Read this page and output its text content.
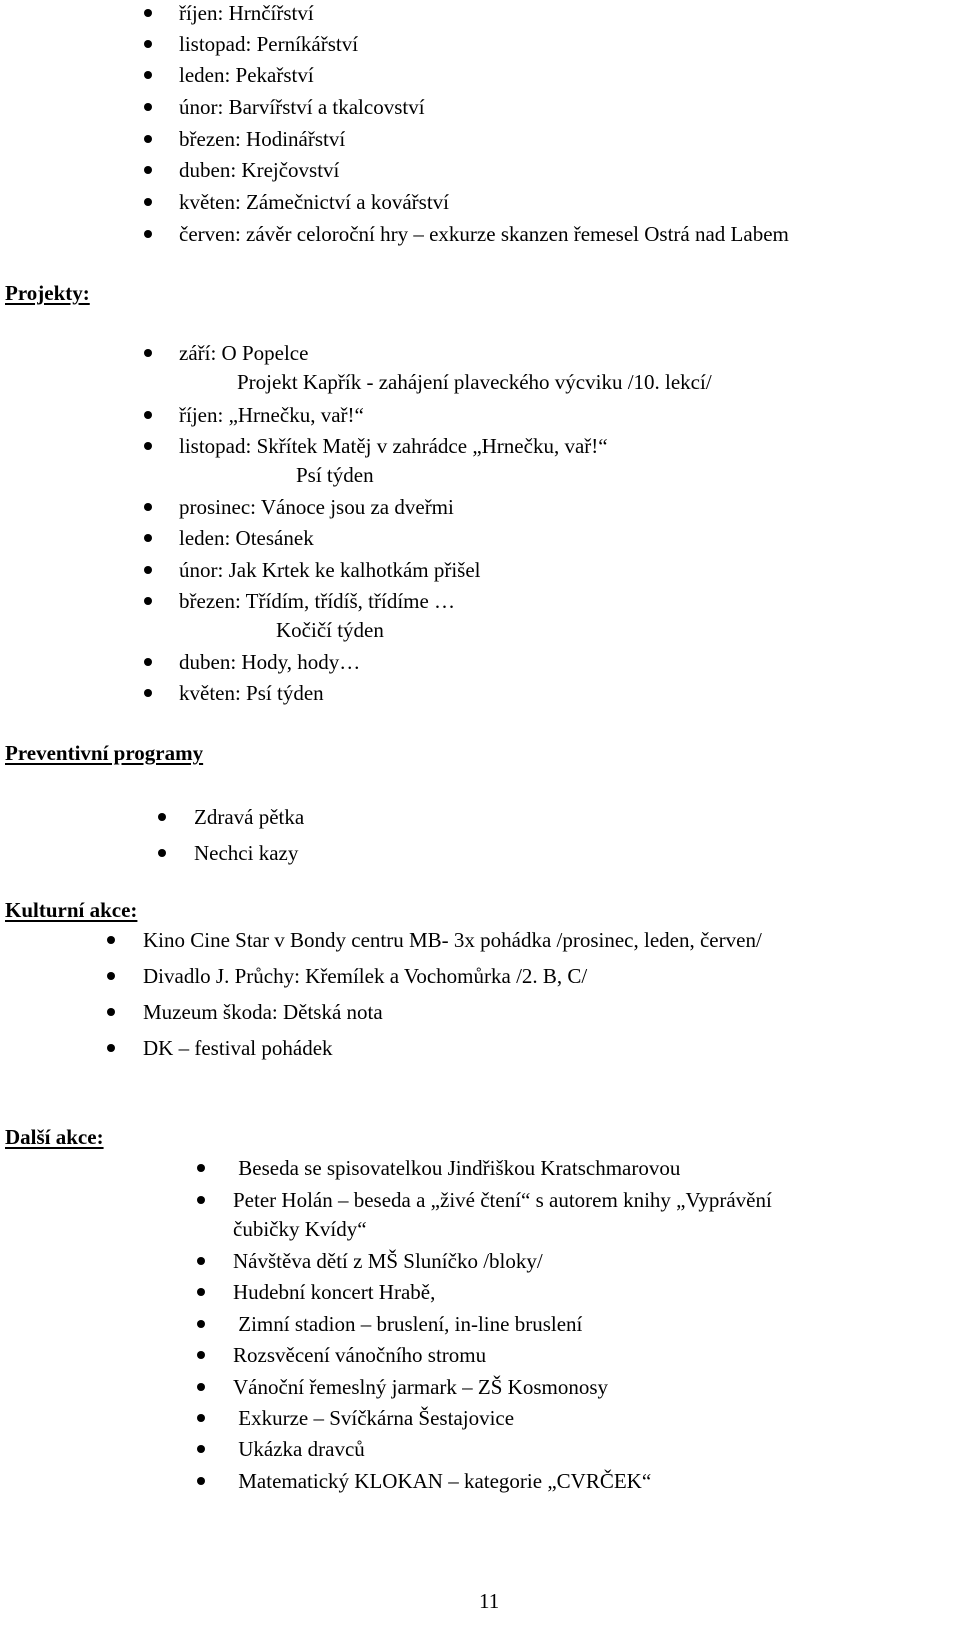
říjen: Hrnčířství
listopad: Perníkářství
leden: Pekařství
únor: Barvířství a tkalcovství
březen: Hodinářství
duben: Krejčovství
květen: Zámečnictví a kovářství
červen: závěr celoroční hry – exkurze skanzen řemesel Ostrá nad Labem
Projekty:
září: O Popelce
Projekt Kapřík - zahájení plaveckého výcviku /10. lekcí/
říjen: „Hrnečku, vař!“
listopad: Skřítek Matěj v zahrádce „Hrnečku, vař!“
Psí týden
prosinec: Vánoce jsou za dveřmi
leden: Otesánek
únor: Jak Krtek ke kalhotkám přišel
březen: Třídím, třídíš, třídíme …
Kočičí týden
duben: Hody, hody…
květen: Psí týden
Preventivní programy
Zdravá pětka
Nechci kazy
Kulturní akce:
Kino Cine Star v Bondy centru MB- 3x pohádka /prosinec, leden, červen/
Divadlo J. Průchy: Křemílek a Vochomůrka /2. B, C/
Muzeum škoda: Dětská nota
DK – festival pohádek
Další akce:
Beseda se spisovatelkou Jindřiškou Kratschmarovou
Peter Holán – beseda a „živé čtení“ s autorem knihy „Vyprávění
čubičky Kvídy“
Návštěva dětí z MŠ Sluníčko /bloky/
Hudební koncert Hrabě,
Zimní stadion – bruslení, in-line bruslení
Rozsvěcení vánočního stromu
Vánoční řemeslný jarmark – ZŠ Kosmonosy
Exkurze – Svíčkárna Šestajovice
Ukázka dravců
Matematický KLOKAN – kategorie „CVRČEK“
11
